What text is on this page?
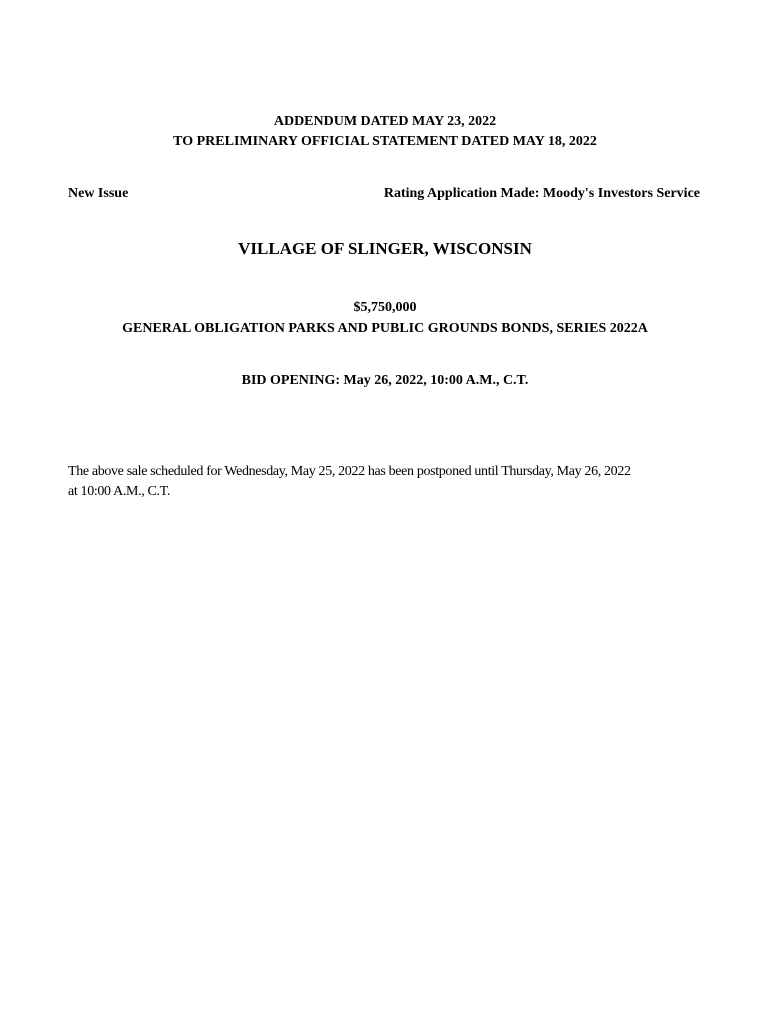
ADDENDUM DATED MAY 23, 2022
TO PRELIMINARY OFFICIAL STATEMENT DATED MAY 18, 2022
New Issue	Rating Application Made: Moody's Investors Service
VILLAGE OF SLINGER, WISCONSIN
$5,750,000
GENERAL OBLIGATION PARKS AND PUBLIC GROUNDS BONDS, SERIES 2022A
BID OPENING: May 26, 2022, 10:00 A.M., C.T.
The above sale scheduled for Wednesday, May 25, 2022 has been postponed until Thursday, May 26, 2022
at 10:00 A.M., C.T.
